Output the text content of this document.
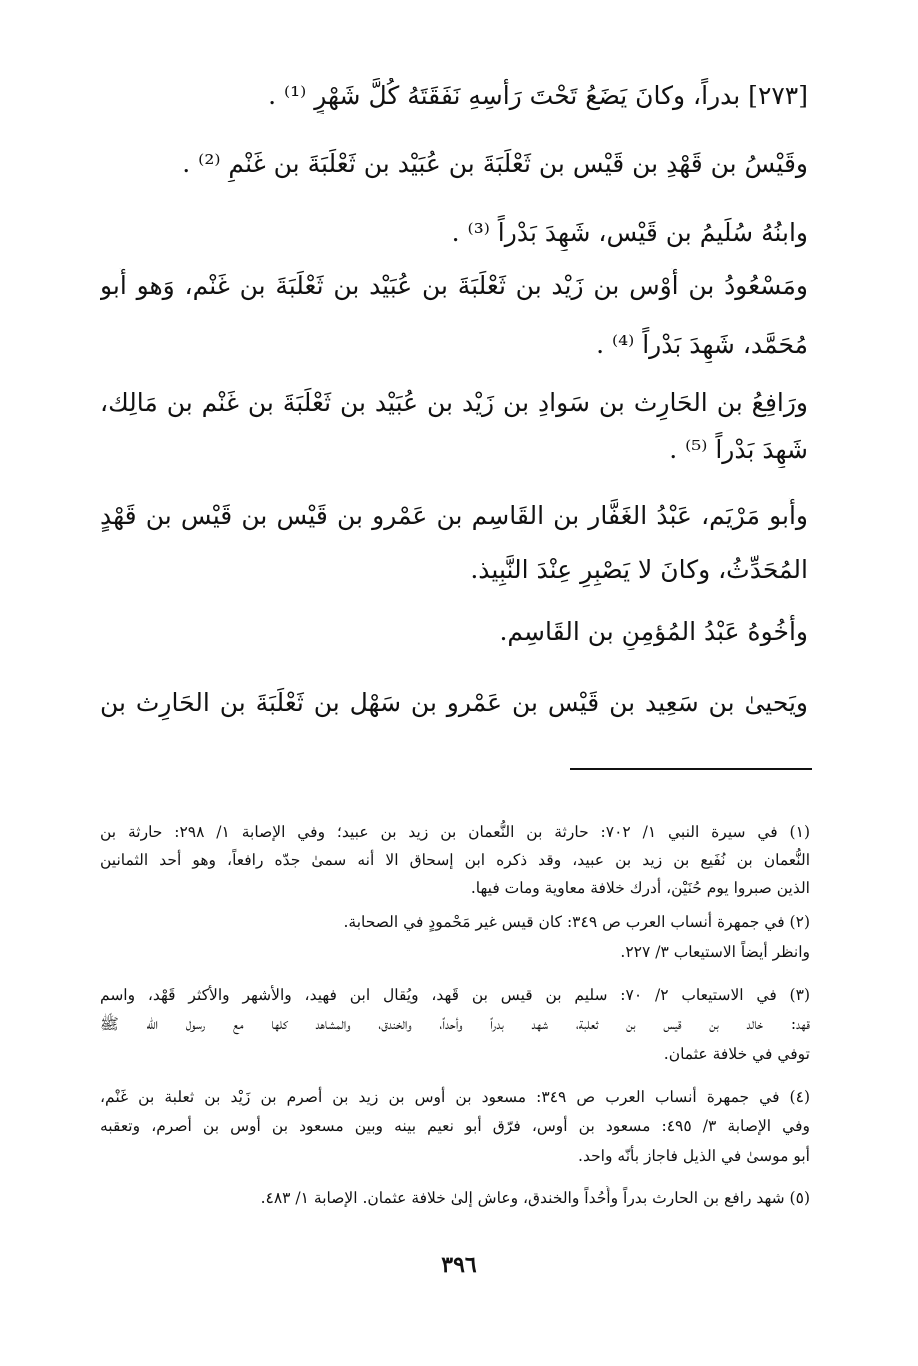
[٢٧٣] بدراً، وكانَ يَضَعُ تَحْتَ رَأْسِهِ نَفَقَتَهُ كُلَّ شَهْرٍ ⁽¹⁾ .
وقَيْسُ بن قَهْدِ بن قَيْس بن ثَعْلَبَةَ بن عُبَيْد بن ثَعْلَبَةَ بن غَنْمٍ ⁽²⁾ .
وابنُهُ سُلَيمُ بن قَيْس، شَهِدَ بَدْراً ⁽³⁾ .
ومَسْعُودُ بن أَوْس بن زَيْد بن ثَعْلَبَةَ بن عُبَيْد بن ثَعْلَبَةَ بن غَنْم، وَهو أَبو
مُحَمَّد، شَهِدَ بَدْراً ⁽⁴⁾ .
ورَافِعُ بن الحَارِث بن سَوادِ بن زَيْد بن عُبَيْد بن ثَعْلَبَةَ بن غَنْم بن مَالِك،
شَهِدَ بَدْراً ⁽⁵⁾ .
وأَبو مَرْيَم، عَبْدُ الغَفَّار بن القَاسِم بن عَمْرو بن قَيْس بن قَيْس بن قَهْدٍ
المُحَدِّثُ، وكانَ لا يَصْبِرِ عِنْدَ النَّبِيذ.
وأَخُوهُ عَبْدُ المُؤمِنِ بن القَاسِم.
ويَحيىٰ بن سَعِيد بن قَيْس بن عَمْرو بن سَهْل بن ثَعْلَبَةَ بن الحَارِث بن
(١) في سيرة النبي ١/ ٧٠٢: حارثة بن النُّعمان بن زيد بن عبيد؛ وفي الإصابة ١/ ٢٩٨: حارثة بن
النُّعمان بن نُفَيع بن زيد بن عبيد، وقد ذكره ابن إسحاق الا أنه سمىٰ جدّه رافعاً، وهو أحد الثمانين
الذين صبروا يوم حُنَيْن، أدرك خلافة معاوية ومات فيها.
(٢) في جمهرة أنساب العرب ص ٣٤٩: كان قيس غير مَحْمودٍ في الصحابة.
وانظر أيضاً الاستيعاب ٣/ ٢٢٧.
(٣) في الاستيعاب ٢/ ٧٠: سليم بن قيس بن قَهد، ويُقال ابن فهيد، والأشهر والأكثر قَهْد، واسم
قهد: خالد بن قيس بن ثعلبة، شهد بدراً وأحداً، والخندق، والمشاهد كلها مع رسول الله ﷺ
توفي في خلافة عثمان.
(٤) في جمهرة أنساب العرب ص ٣٤٩: مسعود بن أوس بن زيد بن أصرم بن زَيْد بن ثعلبة بن غَنْم،
وفي الإصابة ٣/ ٤٩٥: مسعود بن أوس، فرّق أبو نعيم بينه وبين مسعود بن أوس بن أصرم، وتعقبه
أبو موسىٰ في الذيل فاجاز بأنّه واحد.
(٥) شهد رافع بن الحارث بدراً وأُحُداً والخندق، وعاش إلىٰ خلافة عثمان. الإصابة ١/ ٤٨٣.
٣٩٦
